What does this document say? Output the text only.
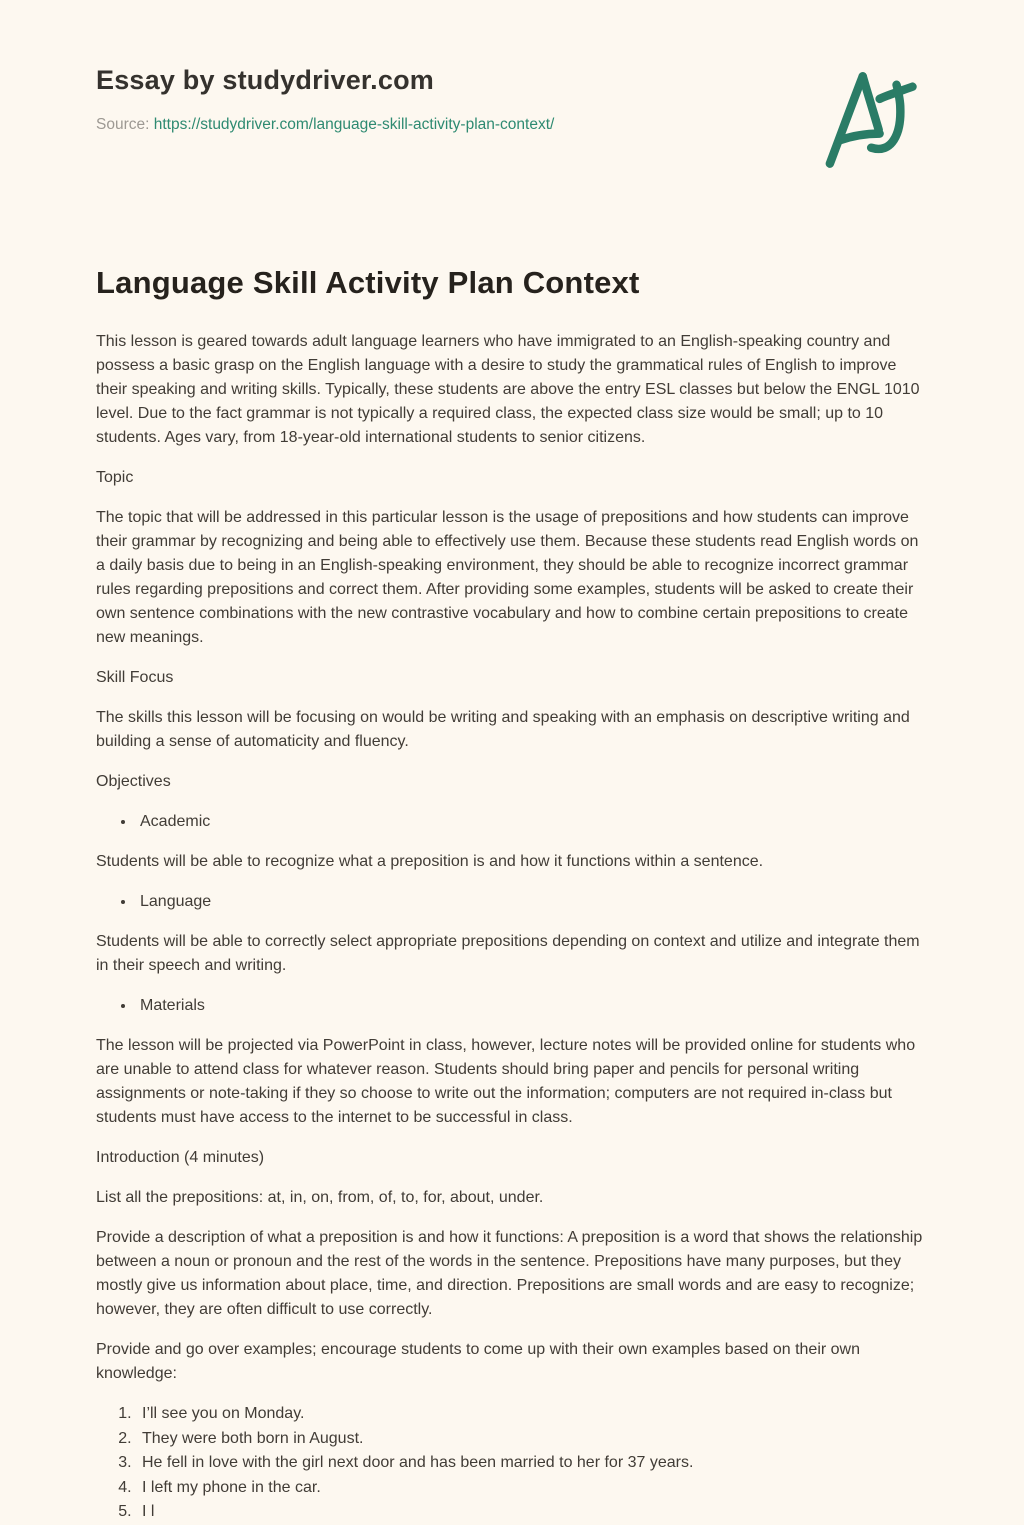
Essay by studydriver.com
Source: https://studydriver.com/language-skill-activity-plan-context/
Language Skill Activity Plan Context

This lesson is geared towards adult language learners who have immigrated to an English-speaking country and possess a basic grasp on the English language with a desire to study the grammatical rules of English to improve their speaking and writing skills. Typically, these students are above the entry ESL classes but below the ENGL 1010 level. Due to the fact grammar is not typically a required class, the expected class size would be small; up to 10 students. Ages vary, from 18-year-old international students to senior citizens.

Topic

The topic that will be addressed in this particular lesson is the usage of prepositions and how students can improve their grammar by recognizing and being able to effectively use them. Because these students read English words on a daily basis due to being in an English-speaking environment, they should be able to recognize incorrect grammar rules regarding prepositions and correct them. After providing some examples, students will be asked to create their own sentence combinations with the new contrastive vocabulary and how to combine certain prepositions to create new meanings.

Skill Focus

The skills this lesson will be focusing on would be writing and speaking with an emphasis on descriptive writing and building a sense of automaticity and fluency.

Objectives
• Academic

Students will be able to recognize what a preposition is and how it functions within a sentence.

• Language

Students will be able to correctly select appropriate prepositions depending on context and utilize and integrate them in their speech and writing.

• Materials

The lesson will be projected via PowerPoint in class, however, lecture notes will be provided online for students who are unable to attend class for whatever reason. Students should bring paper and pencils for personal writing assignments or note-taking if they so choose to write out the information; computers are not required in-class but students must have access to the internet to be successful in class.

Introduction (4 minutes)

List all the prepositions: at, in, on, from, of, to, for, about, under.

Provide a description of what a preposition is and how it functions: A preposition is a word that shows the relationship between a noun or pronoun and the rest of the words in the sentence. Prepositions have many purposes, but they mostly give us information about place, time, and direction. Prepositions are small words and are easy to recognize; however, they are often difficult to use correctly.

Provide and go over examples; encourage students to come up with their own examples based on their own knowledge:

1. I’ll see you on Monday.
2. They were both born in August.
3. He fell in love with the girl next door and has been married to her for 37 years.
4. I left my phone in the car.
5. I l
